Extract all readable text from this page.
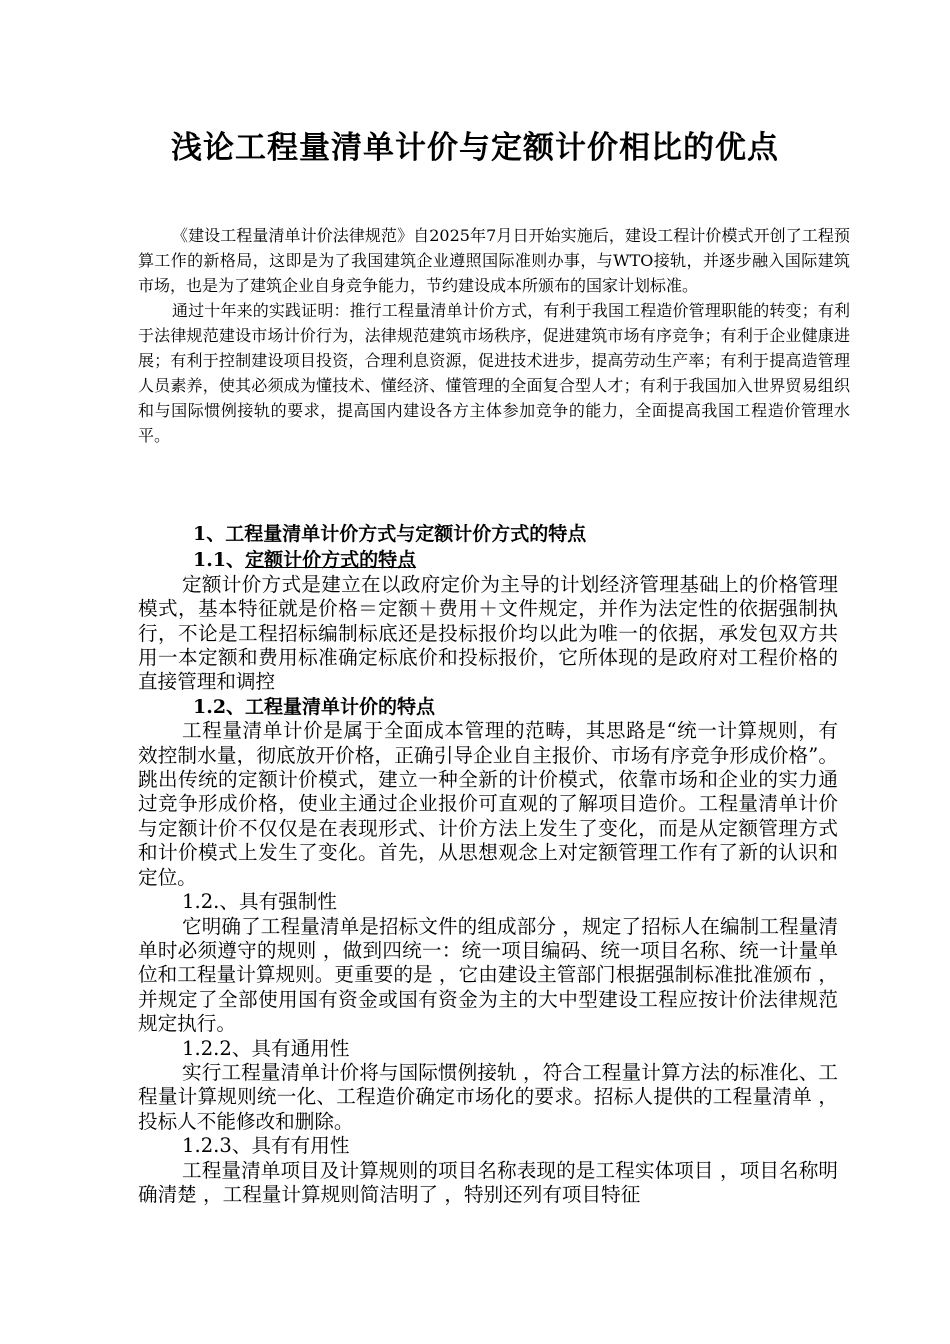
浅论工程量清单计价与定额计价相比的优点

《建设工程量清单计价法律规范》自2025年7月日开始实施后，建设工程计价模式开创了工程预算工作的新格局，这即是为了我国建筑企业遵照国际准则办事，与WTO接轨，并逐步融入国际建筑市场，也是为了建筑企业自身竞争能力，节约建设成本所颁布的国家计划标准。

通过十年来的实践证明：推行工程量清单计价方式，有利于我国工程造价管理职能的转变；有利于法律规范建设市场计价行为，法律规范建筑市场秩序，促进建筑市场有序竞争；有利于企业健康进展；有利于控制建设项目投资，合理利息资源，促进技术进步，提高劳动生产率；有利于提高造管理人员素养，使其必须成为懂技术、懂经济、懂管理的全面复合型人才；有利于我国加入世界贸易组织和与国际惯例接轨的要求，提高国内建设各方主体参加竞争的能力，全面提高我国工程造价管理水平。

1、工程量清单计价方式与定额计价方式的特点

1.1、定额计价方式的特点

定额计价方式是建立在以政府定价为主导的计划经济管理基础上的价格管理模式，基本特征就是价格＝定额＋费用＋文件规定，并作为法定性的依据强制执行，不论是工程招标编制标底还是投标报价均以此为唯一的依据，承发包双方共用一本定额和费用标准确定标底价和投标报价，它所体现的是政府对工程价格的直接管理和调控

1.2、工程量清单计价的特点

工程量清单计价是属于全面成本管理的范畴，其思路是“统一计算规则，有效控制水量，彻底放开价格，正确引导企业自主报价、市场有序竞争形成价格”。跳出传统的定额计价模式，建立一种全新的计价模式，依靠市场和企业的实力通过竞争形成价格，使业主通过企业报价可直观的了解项目造价。工程量清单计价与定额计价不仅仅是在表现形式、计价方法上发生了变化，而是从定额管理方式和计价模式上发生了变化。首先，从思想观念上对定额管理工作有了新的认识和定位。

1.2.、具有强制性

它明确了工程量清单是招标文件的组成部分 ，规定了招标人在编制工程量清单时必须遵守的规则 ，做到四统一：统一项目编码、统一项目名称、统一计量单位和工程量计算规则。更重要的是 ，它由建设主管部门根据强制标准批准颁布 ，并规定了全部使用国有资金或国有资金为主的大中型建设工程应按计价法律规范规定执行。

1.2.2、具有通用性

实行工程量清单计价将与国际惯例接轨 ，符合工程量计算方法的标准化、工程量计算规则统一化、工程造价确定市场化的要求。招标人提供的工程量清单 ，投标人不能修改和删除。

1.2.3、具有有用性

工程量清单项目及计算规则的项目名称表现的是工程实体项目 ，项目名称明确清楚 ，工程量计算规则简洁明了 ，特别还列有项目特征
